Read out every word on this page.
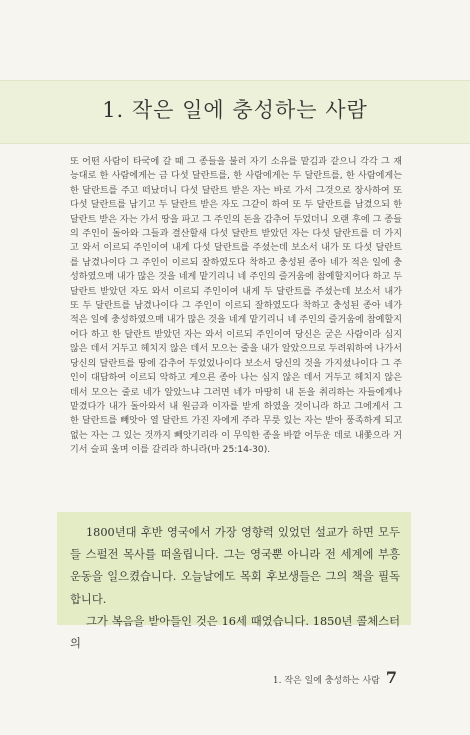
1. 작은 일에 충성하는 사람
또 어떤 사람이 타국에 갈 때 그 종들을 불러 자기 소유를 맡김과 같으니 각각 그 재능대로 한 사람에게는 금 다섯 달란트를, 한 사람에게는 두 달란트를, 한 사람에게는 한 달란트를 주고 떠났더니 다섯 달란트 받은 자는 바로 가서 그것으로 장사하여 또 다섯 달란트를 남기고 두 달란트 받은 자도 그같이 하여 또 두 달란트를 남겼으되 한 달란트 받은 자는 가서 땅을 파고 그 주인의 돈을 감추어 두었더니 오랜 후에 그 종들의 주인이 돌아와 그들과 결산할새 다섯 달란트 받았던 자는 다섯 달란트를 더 가지고 와서 이르되 주인이여 내게 다섯 달란트를 주셨는데 보소서 내가 또 다섯 달란트를 남겼나이다 그 주인이 이르되 잘하였도다 착하고 충성된 종아 네가 적은 일에 충성하였으매 내가 많은 것을 네게 맡기리니 네 주인의 즐거움에 참예할지어다 하고 두 달란트 받았던 자도 와서 이르되 주인이여 내게 두 달란트를 주셨는데 보소서 내가 또 두 달란트를 남겼나이다 그 주인이 이르되 잘하였도다 착하고 충성된 종아 네가 적은 일에 충성하였으매 내가 많은 것을 네게 맡기리니 네 주인의 즐거움에 참예할지어다 하고 한 달란트 받았던 자는 와서 이르되 주인이여 당신은 굳은 사람이라 심지 않은 데서 거두고 헤치지 않은 데서 모으는 줄을 내가 알았으므로 두려워하여 나가서 당신의 달란트를 땅에 감추어 두었었나이다 보소서 당신의 것을 가지셨나이다 그 주인이 대답하여 이르되 악하고 게으른 종아 나는 심지 않은 데서 거두고 헤치지 않은 데서 모으는 줄로 네가 알았느냐 그러면 네가 마땅히 내 돈을 취리하는 자들에게나 맡겼다가 내가 돌아와서 내 원금과 이자를 받게 하였을 것이니라 하고 그에게서 그 한 달란트를 빼앗아 열 달란트 가진 자에게 주라 무릇 있는 자는 받아 풍족하게 되고 없는 자는 그 있는 것까지 빼앗기리라 이 무익한 종을 바깥 어두운 데로 내쫓으라 거기서 슬피 울며 이를 갈리라 하니라(마 25:14-30).

1800년대 후반 영국에서 가장 영향력 있었던 설교가 하면 모두들 스펄전 목사를 떠올립니다. 그는 영국뿐 아니라 전 세계에 부흥운동을 일으켰습니다. 오늘날에도 목회 후보생들은 그의 책을 필독합니다.

그가 복음을 받아들인 것은 16세 때였습니다. 1850년 콜체스터의

1. 작은 일에 충성하는 사람 7
